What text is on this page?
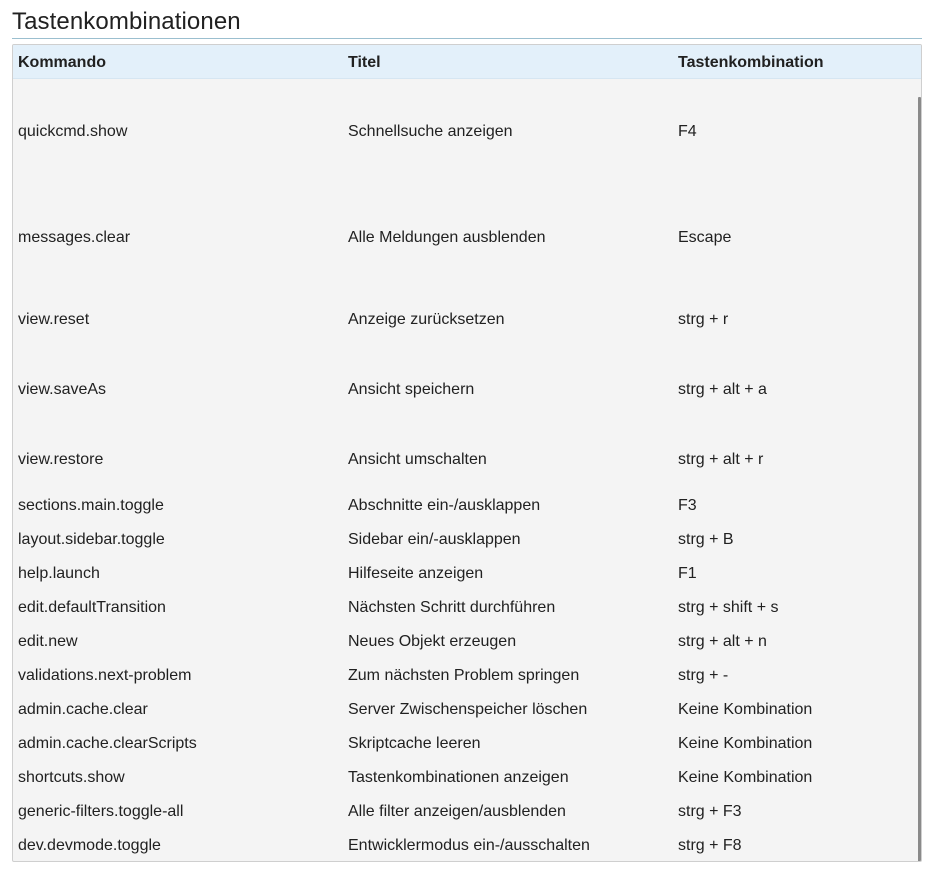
Tastenkombinationen
Kommando	Titel	Tastenkombination
quickcmd.show	Schnellsuche anzeigen	F4
messages.clear	Alle Meldungen ausblenden	Escape
view.reset	Anzeige zurücksetzen	strg + r
view.saveAs	Ansicht speichern	strg + alt + a
view.restore	Ansicht umschalten	strg + alt + r
sections.main.toggle	Abschnitte ein-/ausklappen	F3
layout.sidebar.toggle	Sidebar ein/-ausklappen	strg + B
help.launch	Hilfeseite anzeigen	F1
edit.defaultTransition	Nächsten Schritt durchführen	strg + shift + s
edit.new	Neues Objekt erzeugen	strg + alt + n
validations.next-problem	Zum nächsten Problem springen	strg + -
admin.cache.clear	Server Zwischenspeicher löschen	Keine Kombination
admin.cache.clearScripts	Skriptcache leeren	Keine Kombination
shortcuts.show	Tastenkombinationen anzeigen	Keine Kombination
generic-filters.toggle-all	Alle filter anzeigen/ausblenden	strg + F3
dev.devmode.toggle	Entwicklermodus ein-/ausschalten	strg + F8
